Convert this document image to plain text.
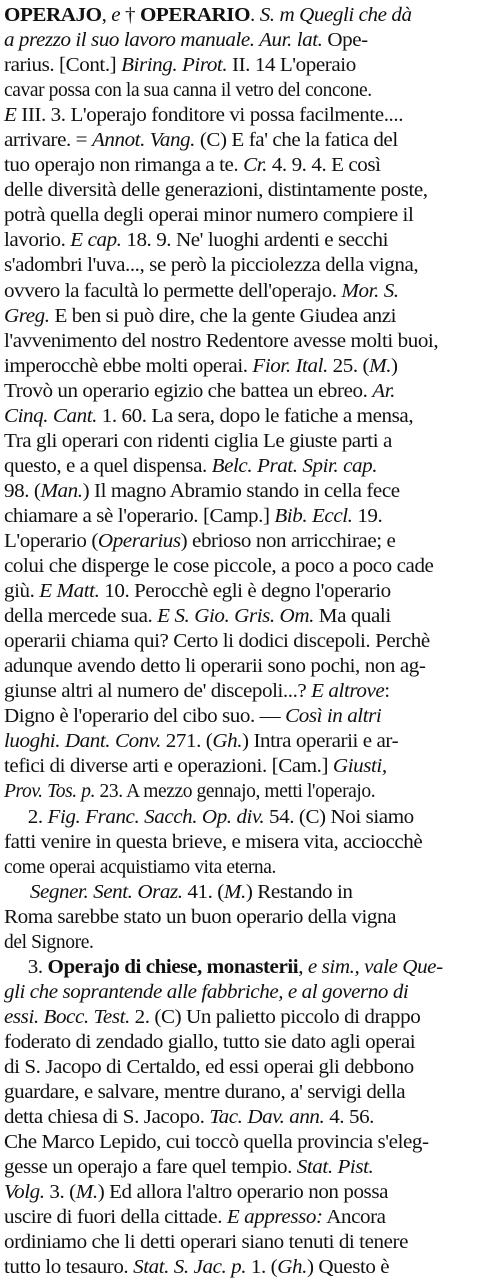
OPERAJO, e † OPERARIO. S. m Quegli che dà
a prezzo il suo lavoro manuale. Aur. lat. Ope-
rarius. [Cont.] Biring. Pirot. II. 14 L'operaio
cavar possa con la sua canna il vetro del concone.
E III. 3. L'operajo fonditore vi possa facilmente....
arrivare. = Annot. Vang. (C) E fa' che la fatica del
tuo operajo non rimanga a te. Cr. 4. 9. 4. E così
delle diversità delle generazioni, distintamente poste,
potrà quella degli operai minor numero compiere il
lavorio. E cap. 18. 9. Ne' luoghi ardenti e secchi
s'adombri l'uva..., se però la picciolezza della vigna,
ovvero la facultà lo permette dell'operajo. Mor. S.
Greg. E ben si può dire, che la gente Giudea anzi
l'avvenimento del nostro Redentore avesse molti buoi,
imperocchè ebbe molti operai. Fior. Ital. 25. (M.)
Trovò un operario egizio che battea un ebreo. Ar.
Cinq. Cant. 1. 60. La sera, dopo le fatiche a mensa,
Tra gli operari con ridenti ciglia Le giuste parti a
questo, e a quel dispensa. Belc. Prat. Spir. cap.
98. (Man.) Il magno Abramio stando in cella fece
chiamare a sè l'operario. [Camp.] Bib. Eccl. 19.
L'operario (Operarius) ebrioso non arricchirae; e
colui che disperge le cose piccole, a poco a poco cade
giù. E Matt. 10. Perocchè egli è degno l'operario
della mercede sua. E S. Gio. Gris. Om. Ma quali
operarii chiama qui? Certo li dodici discepoli. Perchè
adunque avendo detto li operarii sono pochi, non ag-
giunse altri al numero de' discepoli...? E altrove:
Digno è l'operario del cibo suo. — Così in altri
luoghi. Dant. Conv. 271. (Gh.) Intra operarii e ar-
tefici di diverse arti e operazioni. [Cam.] Giusti,
Prov. Tos. p. 23. A mezzo gennajo, metti l'operajo.
2. Fig. Franc. Sacch. Op. div. 54. (C) Noi siamo
fatti venire in questa brieve, e misera vita, acciocchè
come operai acquistiamo vita eterna.
Segner. Sent. Oraz. 41. (M.) Restando in
Roma sarebbe stato un buon operario della vigna
del Signore.
3. Operajo di chiese, monasterii, e sim., vale Que-
gli che soprantende alle fabbriche, e al governo di
essi. Bocc. Test. 2. (C) Un palietto piccolo di drappo
foderato di zendado giallo, tutto sie dato agli operai
di S. Jacopo di Certaldo, ed essi operai gli debbono
guardare, e salvare, mentre durano, a' servigi della
detta chiesa di S. Jacopo. Tac. Dav. ann. 4. 56.
Che Marco Lepido, cui toccò quella provincia s'eleg-
gesse un operajo a fare quel tempio. Stat. Pist.
Volg. 3. (M.) Ed allora l'altro operario non possa
uscire di fuori della cittade. E appresso: Ancora
ordiniamo che li detti operari siano tenuti di tenere
tutto lo tesauro. Stat. S. Jac. p. 1. (Gh.) Questo è
